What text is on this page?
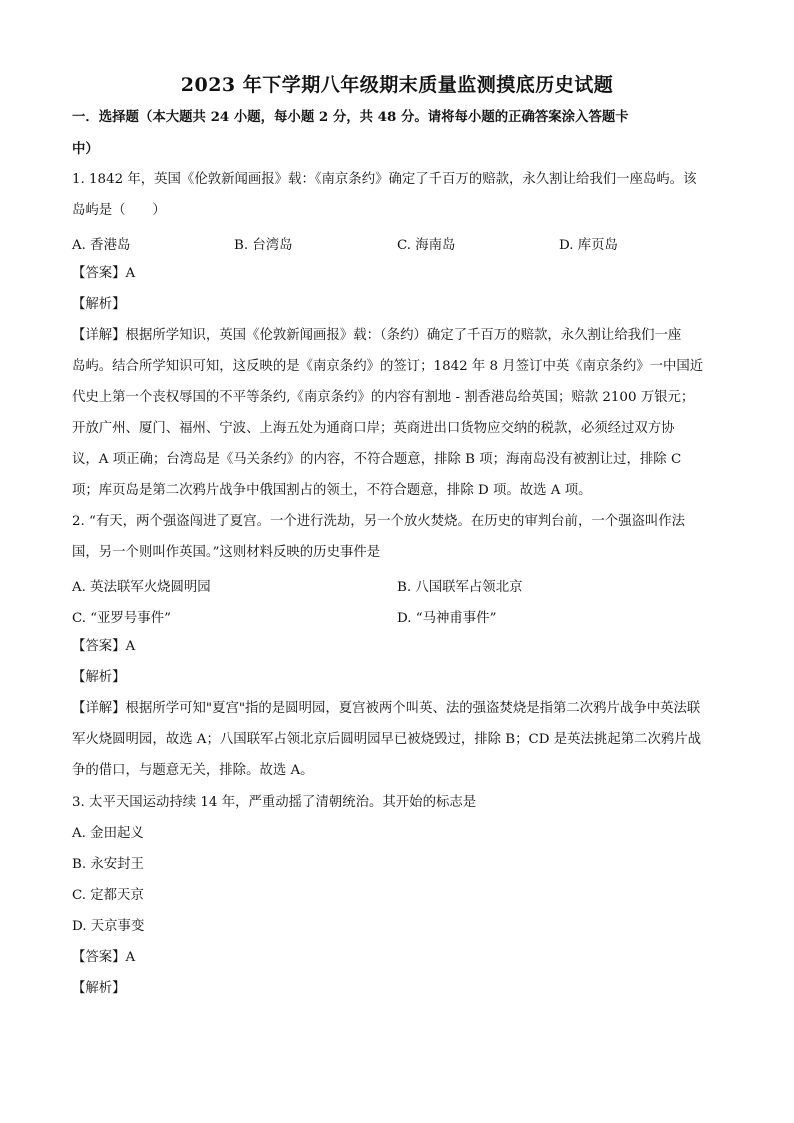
2023 年下学期八年级期末质量监测摸底历史试题
一．选择题（本大题共 24 小题，每小题 2 分，共 48 分。请将每小题的正确答案涂入答题卡
中）
1. 1842 年，英国《伦敦新闻画报》载：《南京条约》确定了千百万的赔款，永久割让给我们一座岛屿。该
岛屿是（　　）
A. 香港岛	B. 台湾岛	C. 海南岛	D. 库页岛
【答案】A
【解析】
【详解】根据所学知识，英国《伦敦新闻画报》载：（条约）确定了千百万的赔款，永久割让给我们一座
岛屿。结合所学知识可知，这反映的是《南京条约》的签订；1842 年 8 月签订中英《南京条约》一中国近
代史上第一个丧权辱国的不平等条约,《南京条约》的内容有割地 - 割香港岛给英国；赔款 2100 万银元；
开放广州、厦门、福州、宁波、上海五处为通商口岸；英商进出口货物应交纳的税款，必须经过双方协
议，A 项正确；台湾岛是《马关条约》的内容，不符合题意，排除 B 项；海南岛没有被割让过，排除 C
项；库页岛是第二次鸦片战争中俄国割占的领土，不符合题意，排除 D 项。故选 A 项。
2. “有天，两个强盗闯进了夏宫。一个进行洗劫，另一个放火焚烧。在历史的审判台前，一个强盗叫作法
国，另一个则叫作英国。”这则材料反映的历史事件是
A. 英法联军火烧圆明园	B. 八国联军占领北京
C. “亚罗号事件”	D. “马神甫事件”
【答案】A
【解析】
【详解】根据所学可知"夏宫"指的是圆明园，夏宫被两个叫英、法的强盗焚烧是指第二次鸦片战争中英法联
军火烧圆明园，故选 A；八国联军占领北京后圆明园早已被烧毁过，排除 B；CD 是英法挑起第二次鸦片战
争的借口，与题意无关，排除。故选 A。
3. 太平天国运动持续 14 年，严重动摇了清朝统治。其开始的标志是
A. 金田起义
B. 永安封王
C. 定都天京
D. 天京事变
【答案】A
【解析】
